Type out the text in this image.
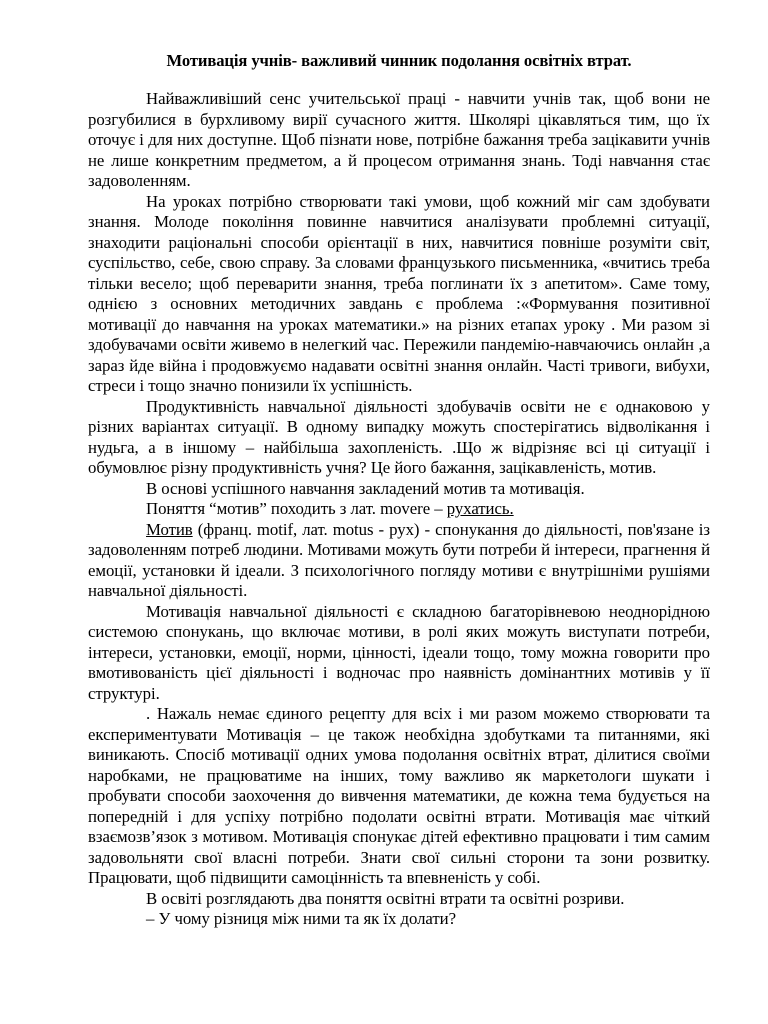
Мотивація учнів- важливий чинник подолання освітніх втрат.

Найважливіший сенс учительської праці - навчити учнів так, щоб вони не розгубилися в бурхливому вирії сучасного життя. Школярі цікавляться тим, що їх оточує і для них доступне. Щоб пізнати нове, потрібне бажання треба зацікавити учнів не лише конкретним предметом, а й процесом отримання знань. Тоді навчання стає задоволенням.

На уроках потрібно створювати такі умови, щоб кожний міг сам здобувати знання. Молоде покоління повинне навчитися аналізувати проблемні ситуації, знаходити раціональні способи орієнтації в них, навчитися повніше розуміти світ, суспільство, себе, свою справу. За словами французького письменника, «вчитись треба тільки весело; щоб переварити знання, треба поглинати їх з апетитом». Саме тому, однією з основних методичних завдань є проблема :«Формування позитивної мотивації до навчання на уроках математики.» на різних етапах уроку . Ми разом зі здобувачами освіти живемо в нелегкий час. Пережили пандемію-навчаючись онлайн ,а зараз йде війна і продовжуємо надавати освітні знання онлайн. Часті тривоги, вибухи, стреси і тощо значно понизили їх успішність.

Продуктивність навчальної діяльності здобувачів освіти не є однаковою у різних варіантах ситуації. В одному випадку можуть спостерігатись відволікання і нудьга, а в іншому – найбільша захопленість. .Що ж відрізняє всі ці ситуації і обумовлює різну продуктивність учня? Це його бажання, зацікавленість, мотив.

В основі успішного навчання закладений мотив та мотивація.

Поняття “мотив” походить з лат. movere – рухатись.

Мотив (франц. motif, лат. motus - рух) - спонукання до діяльності, пов'язане із задоволенням потреб людини. Мотивами можуть бути потреби й інтереси, прагнення й емоції, установки й ідеали. З психологічного погляду мотиви є внутрішніми рушіями навчальної діяльності.

Мотивація навчальної діяльності є складною багаторівневою неоднорідною системою спонукань, що включає мотиви, в ролі яких можуть виступати потреби, інтереси, установки, емоції, норми, цінності, ідеали тощо, тому можна говорити про вмотивованість цієї діяльності і водночас про наявність домінантних мотивів у її структурі.

. Нажаль немає єдиного рецепту для всіх і ми разом можемо створювати та експериментувати Мотивація – це також необхідна здобутками та питаннями, які виникають. Спосіб мотивації одних умова подолання освітніх втрат, ділитися своїми наробками, не працюватиме на інших, тому важливо як маркетологи шукати і пробувати способи заохочення до вивчення математики, де кожна тема будується на попередній і для успіху потрібно подолати освітні втрати. Мотивація має чіткий взаємозв’язок з мотивом. Мотивація спонукає дітей ефективно працювати і тим самим задовольняти свої власні потреби. Знати свої сильні сторони та зони розвитку. Працювати, щоб підвищити самоцінність та впевненість у собі.

В освіті розглядають два поняття освітні втрати та освітні розриви.

– У чому різниця між ними та як їх долати?
